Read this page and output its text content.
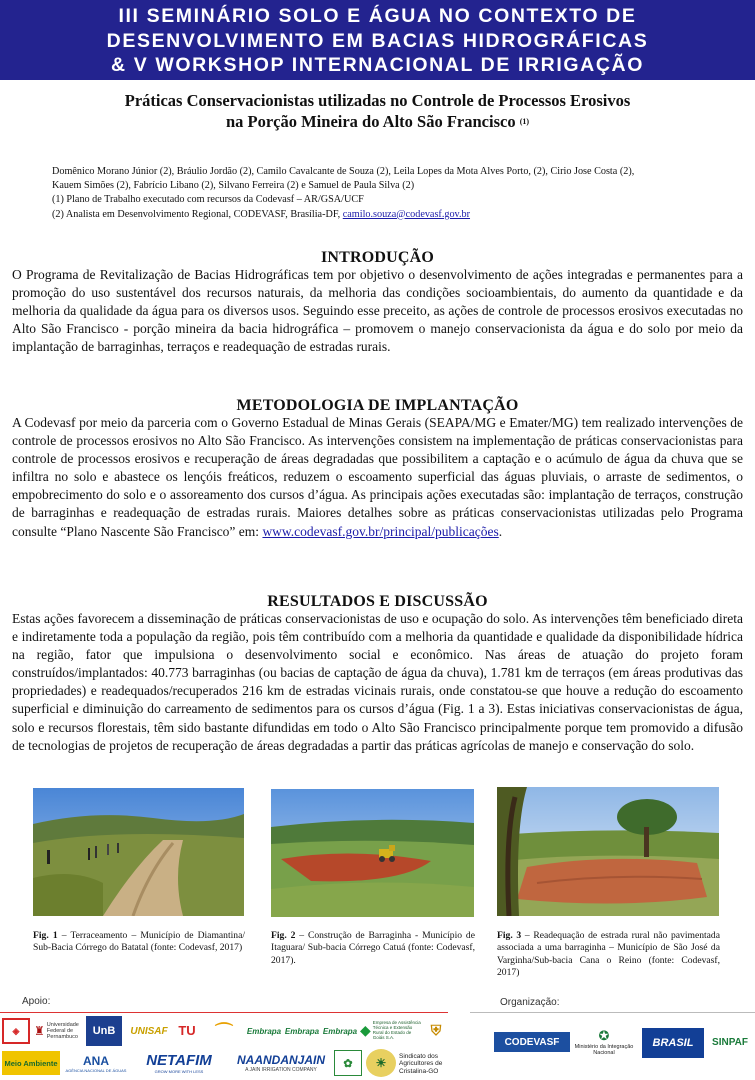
III SEMINÁRIO SOLO E ÁGUA NO CONTEXTO DE
DESENVOLVIMENTO EM BACIAS HIDROGRÁFICAS
& V WORKSHOP INTERNACIONAL DE IRRIGAÇÃO
Práticas Conservacionistas utilizadas no Controle de Processos Erosivos
na Porção Mineira do Alto São Francisco $^{(1)}$
Domênico Morano Júnior (2), Bráulio Jordão (2), Camilo Cavalcante de Souza (2), Leila Lopes da Mota Alves Porto, (2), Cirio Jose Costa (2),
Kauem Simões (2), Fabrício Libano (2), Silvano Ferreira (2) e Samuel de Paula Silva (2)
(1) Plano de Trabalho executado com recursos da Codevasf – AR/GSA/UCF
(2) Analista em Desenvolvimento Regional, CODEVASF, Brasília-DF, camilo.souza@codevasf.gov.br
INTRODUÇÃO
O Programa de Revitalização de Bacias Hidrográficas tem por objetivo o desenvolvimento de ações integradas e permanentes para a promoção do uso sustentável dos recursos naturais, da melhoria das condições socioambientais, do aumento da quantidade e da melhoria da qualidade da água para os diversos usos. Seguindo esse preceito, as ações de controle de processos erosivos executadas no Alto São Francisco - porção mineira da bacia hidrográfica – promovem o manejo conservacionista da água e do solo por meio da implantação de barraginhas, terraços e readequação de estradas rurais.
METODOLOGIA DE IMPLANTAÇÃO
A Codevasf por meio da parceria com o Governo Estadual de Minas Gerais (SEAPA/MG e Emater/MG) tem realizado intervenções de controle de processos erosivos no Alto São Francisco. As intervenções consistem na implementação de práticas conservacionistas para controle de processos erosivos e recuperação de áreas degradadas que possibilitem a captação e o acúmulo de água da chuva que se infiltra no solo e abastece os lençóis freáticos, reduzem o escoamento superficial das águas pluviais, o arraste de sedimentos, o empobrecimento do solo e o assoreamento dos cursos d’água. As principais ações executadas são: implantação de terraços, construção de barraginhas e readequação de estradas rurais. Maiores detalhes sobre as práticas conservacionistas utilizadas pelo Programa consulte “Plano Nascente São Francisco” em: www.codevasf.gov.br/principal/publicações.
RESULTADOS E DISCUSSÃO
Estas ações favorecem a disseminação de práticas conservacionistas de uso e ocupação do solo. As intervenções têm beneficiado direta e indiretamente toda a população da região, pois têm contribuído com a melhoria da quantidade e qualidade da disponibilidade hídrica na região, fator que impulsiona o desenvolvimento social e econômico. Nas áreas de atuação do projeto foram construídos/implantados: 40.773 barraginhas (ou bacias de captação de água da chuva), 1.781 km de terraços (em áreas produtivas das propriedades) e readequados/recuperados 216 km de estradas vicinais rurais, onde constatou-se que houve a redução do escoamento superficial e diminuição do carreamento de sedimentos para os cursos d’água (Fig. 1 a 3). Estas iniciativas conservacionistas de água, solo e recursos florestais, têm sido bastante difundidas em todo o Alto São Francisco principalmente porque tem promovido a difusão de tecnologias de projetos de recuperação de áreas degradadas a partir das práticas agrícolas de manejo e conservação do solo.
Fig. 1 – Terraceamento – Município de Diamantina/ Sub-Bacia Córrego do Batatal (fonte: Codevasf, 2017)
Fig. 2 – Construção de Barraginha - Município de Itaguara/ Sub-bacia Córrego Catuá (fonte: Codevasf, 2017).
Fig. 3 – Readequação de estrada rural não pavimentada associada a uma barraginha – Município de São José da Varginha/Sub-bacia Cana o Reino (fonte: Codevasf, 2017)
Apoio:	Organização:
◈	♜ Universidade Federal de Pernambuco	UnB	UNISAF TU	⌒	Embrapa Embrapa Embrapa ◆ Empresa de Assistência Técnica e Extensão Rural do Estado de Goiás S.A.	⛨
Meio Ambiente ANA
AGÊNCIA NACIONAL DE ÁGUAS
NETAFIM
GROW MORE WITH LESS
NAANDANJAIN
A JAIN IRRIGATION COMPANY
✿	☀	Sindicato dos Agricultores de Cristalina-GO
CODEVASF	✪
Ministério da Integração Nacional
BRASIL	SINPAF
